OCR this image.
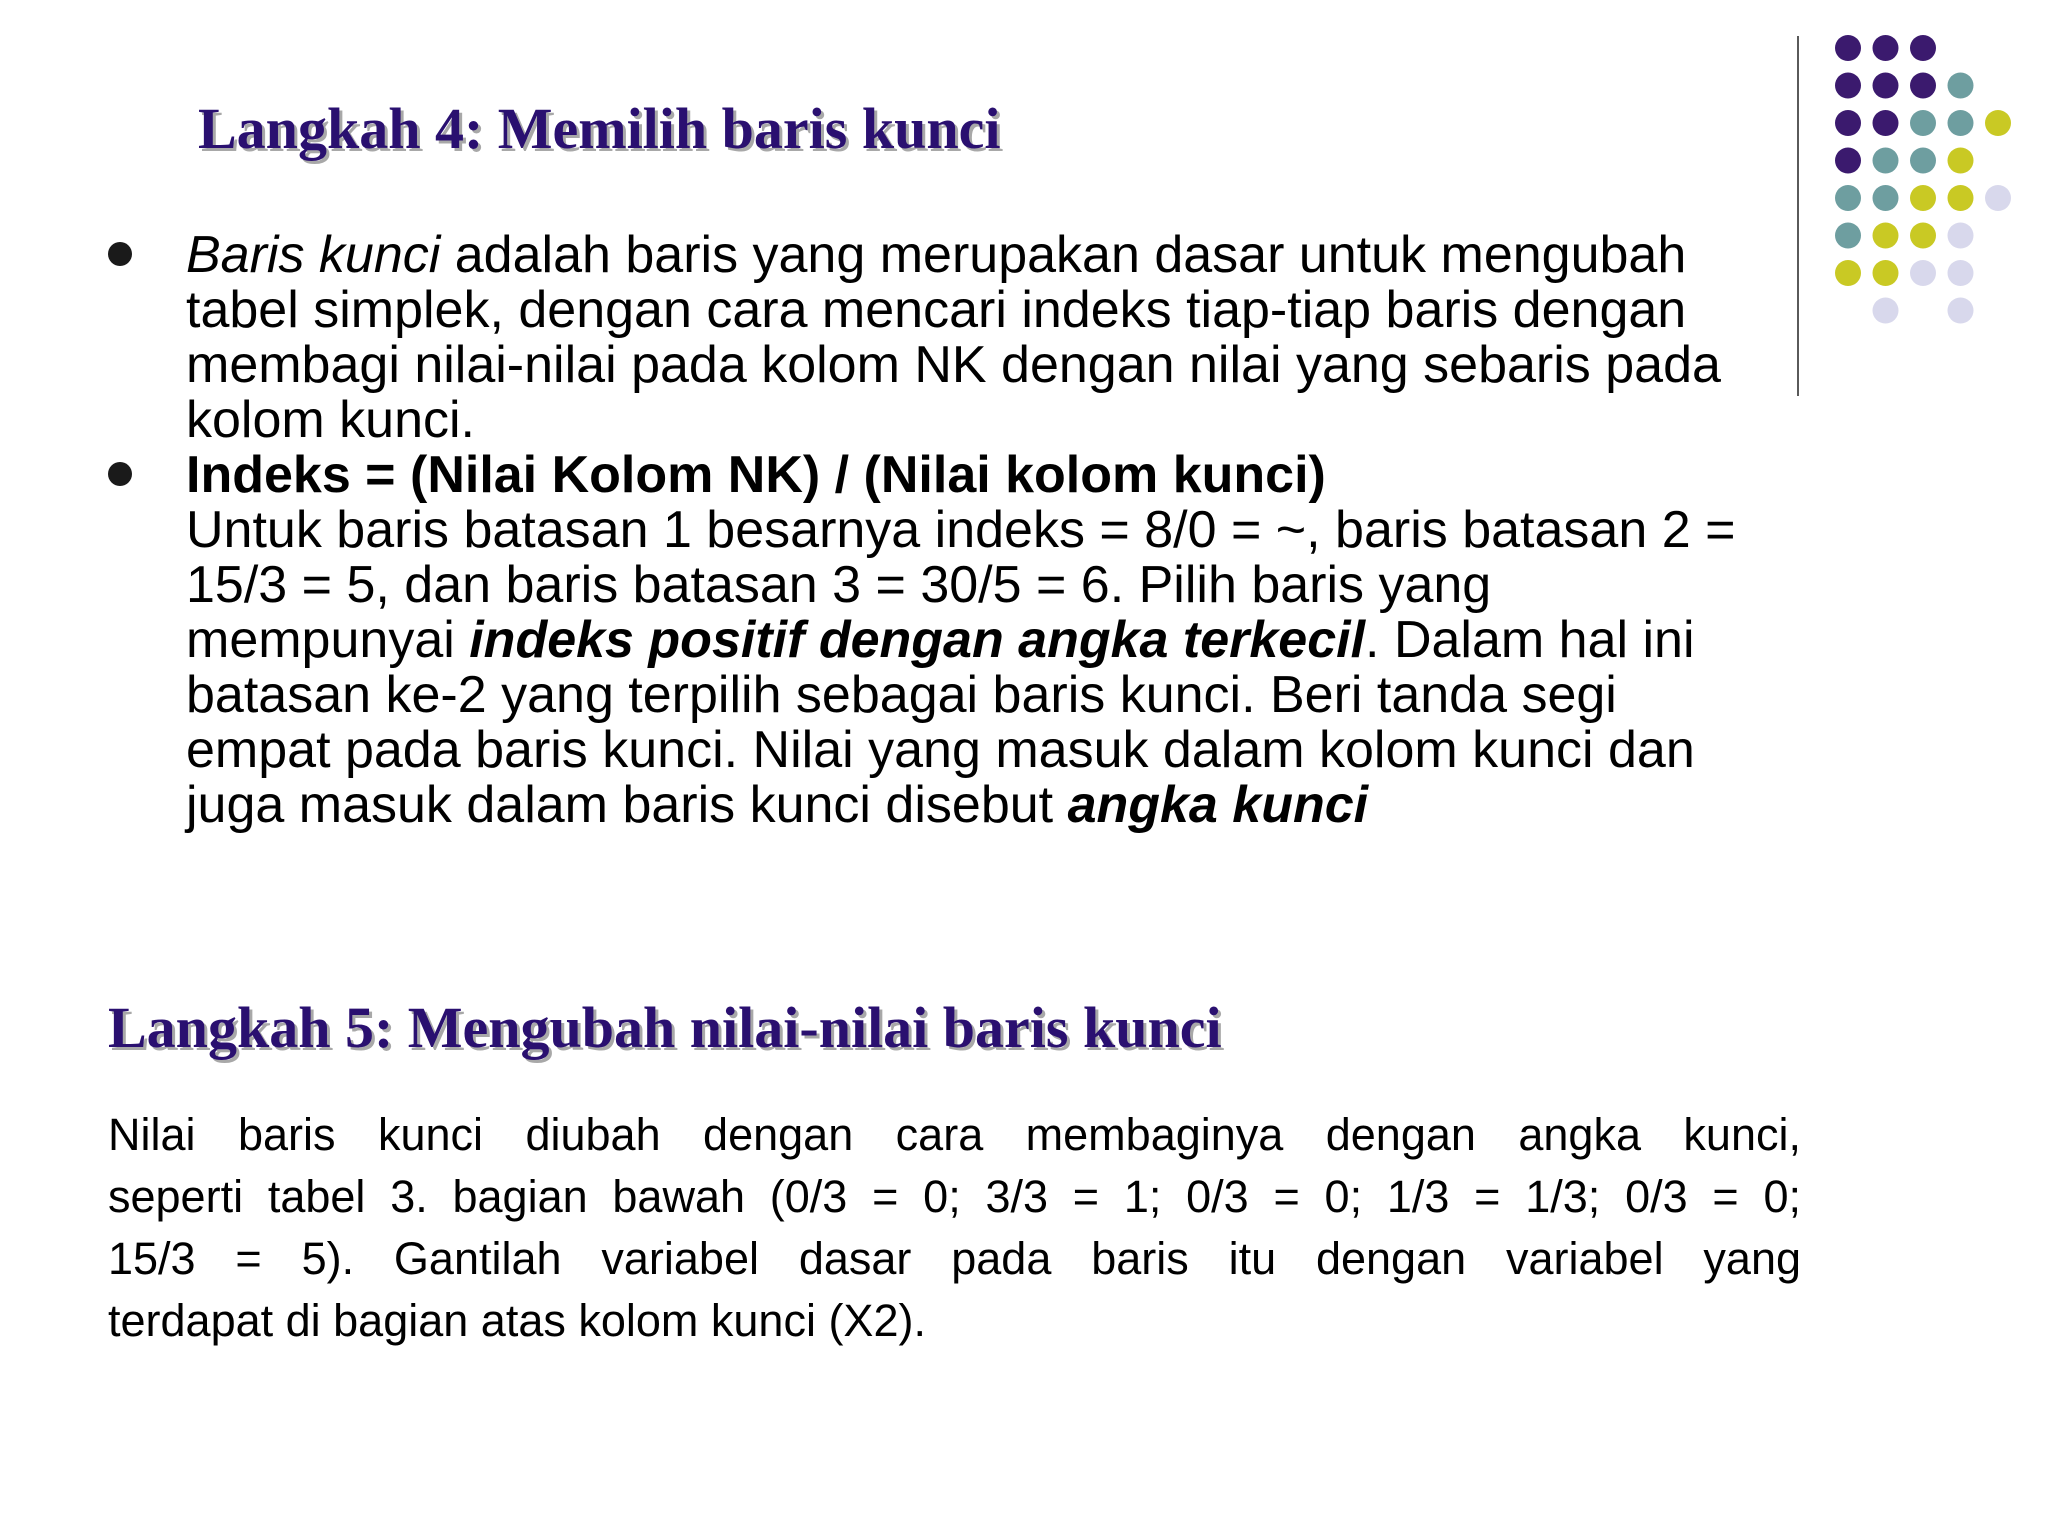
Langkah 4: Memilih baris kunci
Baris kunci adalah baris yang merupakan dasar untuk mengubah
tabel simplek, dengan cara mencari indeks tiap-tiap baris dengan
membagi nilai-nilai pada kolom NK dengan nilai yang sebaris pada
kolom kunci.
Indeks = (Nilai Kolom NK) / (Nilai kolom kunci)
Untuk baris batasan 1 besarnya indeks = 8/0 = ~, baris batasan 2 =
15/3 = 5, dan baris batasan 3 = 30/5 = 6. Pilih baris yang
mempunyai indeks positif dengan angka terkecil. Dalam hal ini
batasan ke-2 yang terpilih sebagai baris kunci. Beri tanda segi
empat pada baris kunci. Nilai yang masuk dalam kolom kunci dan
juga masuk dalam baris kunci disebut angka kunci
Langkah 5: Mengubah nilai-nilai baris kunci

Nilai baris kunci diubah dengan cara membaginya dengan angka kunci,
seperti tabel 3. bagian bawah (0/3 = 0; 3/3 = 1; 0/3 = 0; 1/3 = 1/3; 0/3 = 0;
15/3 = 5). Gantilah variabel dasar pada baris itu dengan variabel yang
terdapat di bagian atas kolom kunci (X2).
